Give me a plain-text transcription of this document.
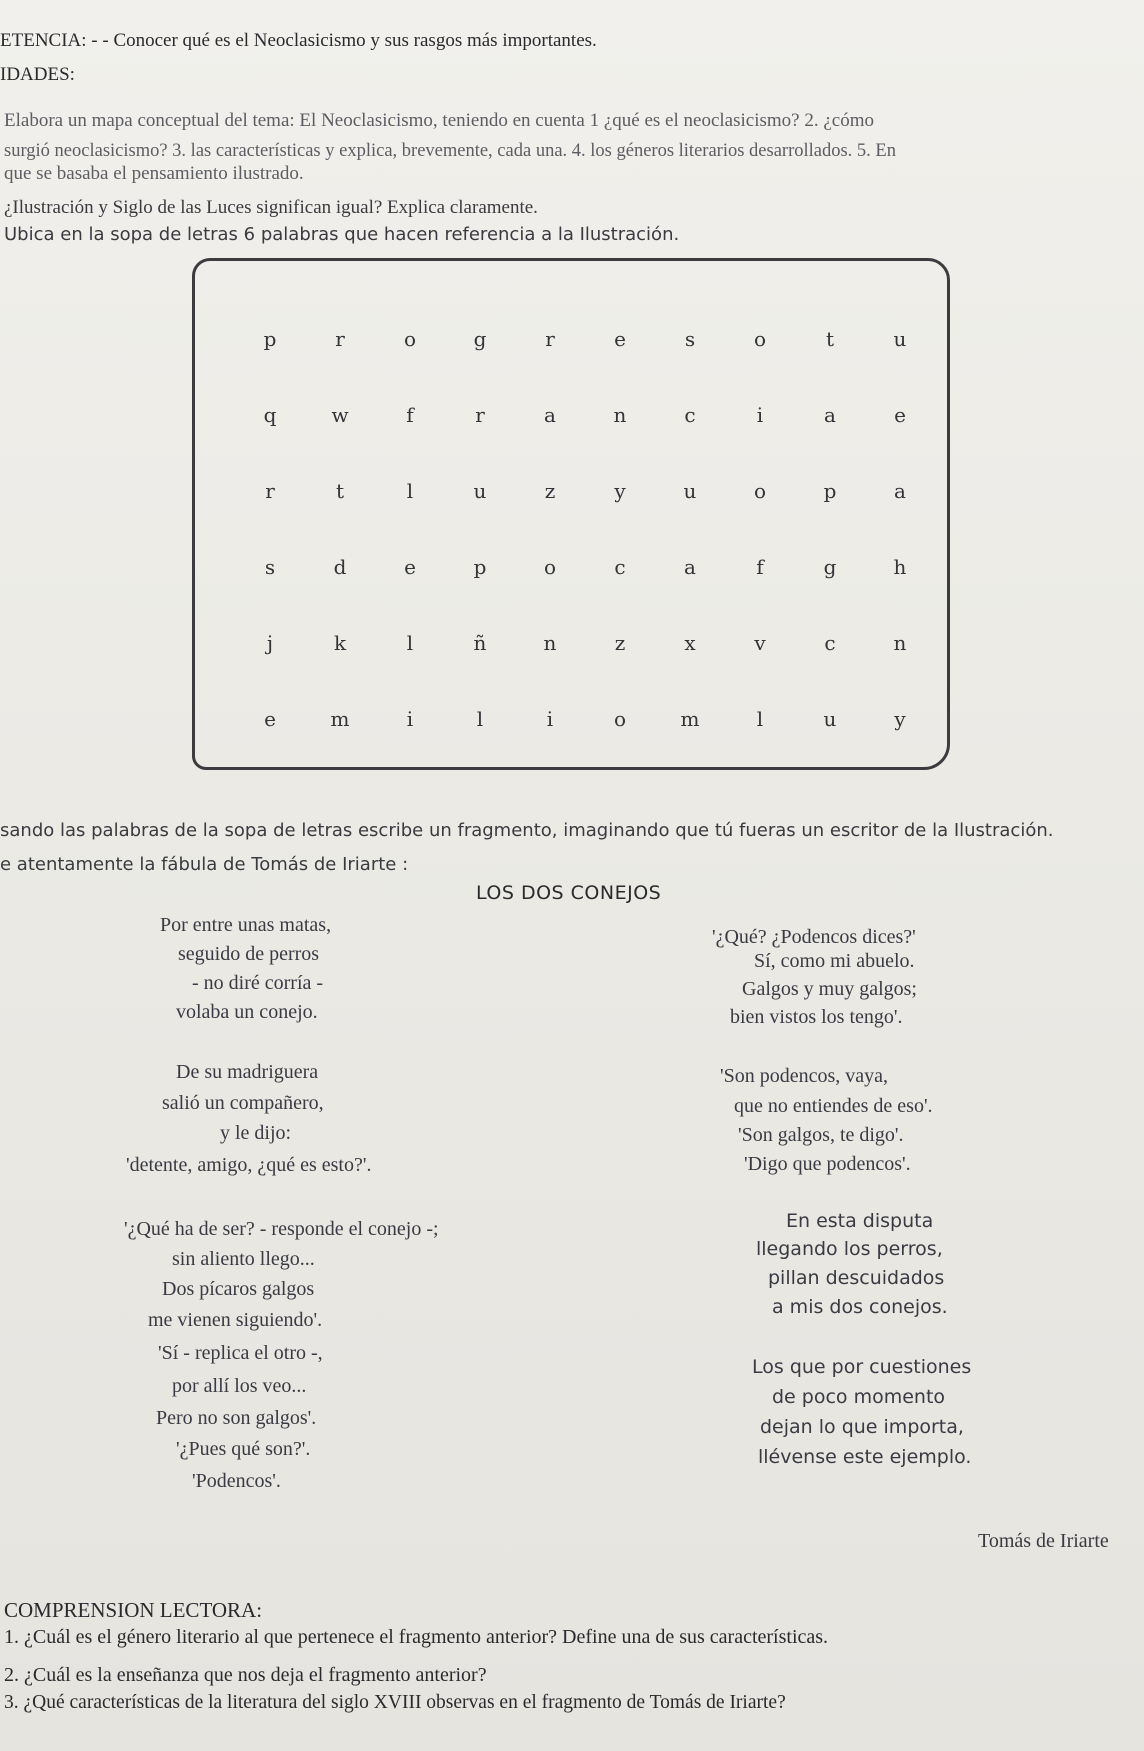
ETENCIA: - - Conocer qué es el Neoclasicismo y sus rasgos más importantes.
IDADES:
Elabora un mapa conceptual del tema: El Neoclasicismo, teniendo en cuenta 1 ¿qué es el neoclasicismo? 2. ¿cómo
surgió neoclasicismo? 3. las características y explica, brevemente, cada una. 4. los géneros literarios desarrollados. 5. En
que se basaba el pensamiento ilustrado.
¿Ilustración y Siglo de las Luces significan igual? Explica claramente.
Ubica en la sopa de letras 6 palabras que hacen referencia a la Ilustración.
p	r	o	g	r	e	s	o	t	u
q	w	f	r	a	n	c	i	a	e
r	t	l	u	z	y	u	o	p	a
s	d	e	p	o	c	a	f	g	h
j	k	l	ñ	n	z	x	v	c	n
e	m	i	l	i	o	m	l	u	y
sando las palabras de la sopa de letras escribe un fragmento, imaginando que tú fueras un escritor de la Ilustración.
e atentamente la fábula de Tomás de Iriarte :
LOS DOS CONEJOS
Por entre unas matas,
seguido de perros
- no diré corría -
volaba un conejo.
De su madriguera
salió un compañero,
y le dijo:
'detente, amigo, ¿qué es esto?'.
'¿Qué ha de ser? - responde el conejo -;
sin aliento llego...
Dos pícaros galgos
me vienen siguiendo'.
'Sí - replica el otro -,
por allí los veo...
Pero no son galgos'.
'¿Pues qué son?'.
'Podencos'.
'¿Qué? ¿Podencos dices?'
Sí, como mi abuelo.
Galgos y muy galgos;
bien vistos los tengo'.
'Son podencos, vaya,
que no entiendes de eso'.
'Son galgos, te digo'.
'Digo que podencos'.
En esta disputa
llegando los perros,
pillan descuidados
a mis dos conejos.
Los que por cuestiones
de poco momento
dejan lo que importa,
llévense este ejemplo.
Tomás de Iriarte
COMPRENSION LECTORA:
1. ¿Cuál es el género literario al que pertenece el fragmento anterior? Define una de sus características.
2. ¿Cuál es la enseñanza que nos deja el fragmento anterior?
3. ¿Qué características de la literatura del siglo XVIII observas en el fragmento de Tomás de Iriarte?
